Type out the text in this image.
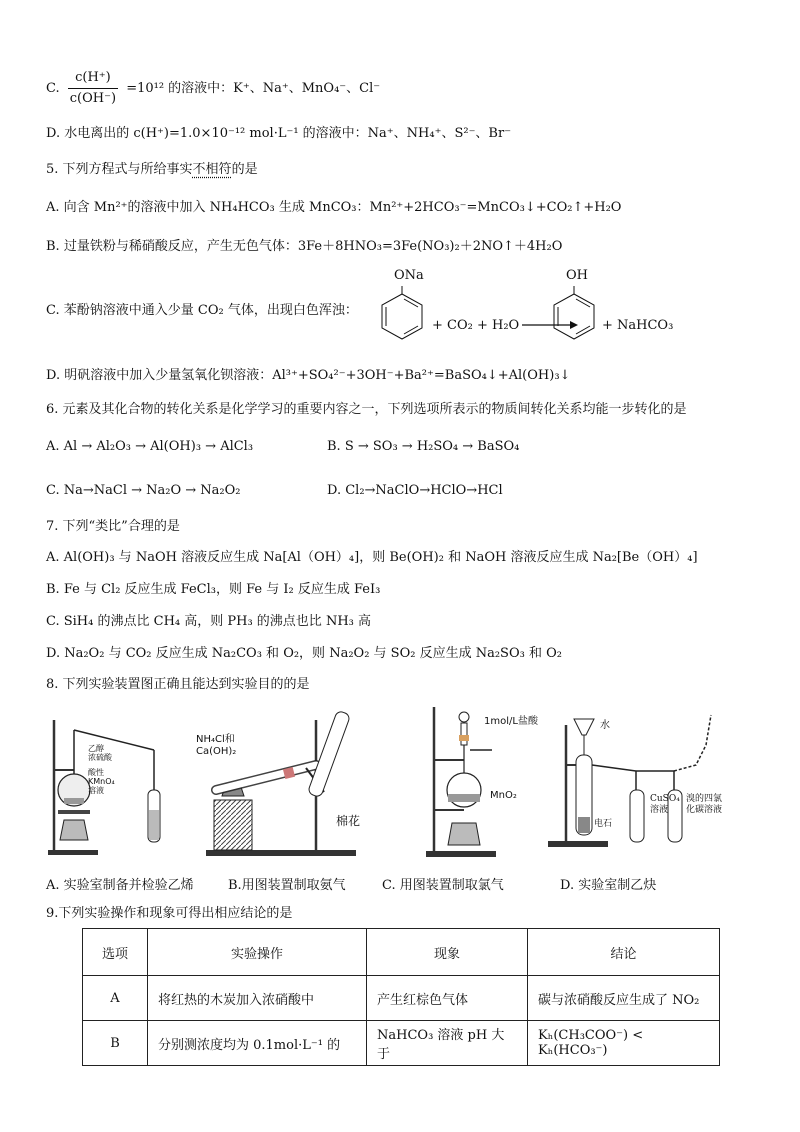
C. $\frac{c(H^+)}{c(OH^-)} =10^{12}$ 的溶液中：K⁺、Na⁺、MnO₄⁻、Cl⁻
D. 水电离出的 c(H⁺)=1.0×10⁻¹² mol·L⁻¹ 的溶液中：Na⁺、NH₄⁺、S²⁻、Br⁻
5. 下列方程式与所给事实不相符的是
A. 向含 Mn²⁺的溶液中加入 NH₄HCO₃ 生成 MnCO₃：Mn²⁺+2HCO₃⁻=MnCO₃↓+CO₂↑+H₂O
B. 过量铁粉与稀硝酸反应，产生无色气体：3Fe＋8HNO₃=3Fe(NO₃)₂＋2NO↑＋4H₂O
C. 苯酚钠溶液中通入少量 CO₂ 气体，出现白色浑浊：
ONa
+ CO₂ + H₂O →
OH
+ NaHCO₃
D. 明矾溶液中加入少量氢氧化钡溶液：Al³⁺+SO₄²⁻+3OH⁻+Ba²⁺=BaSO₄↓+Al(OH)₃↓
6. 元素及其化合物的转化关系是化学学习的重要内容之一，下列选项所表示的物质间转化关系均能一步转化的是
A. Al → Al₂O₃ → Al(OH)₃ → AlCl₃	B. S → SO₃ → H₂SO₄ → BaSO₄
C. Na→NaCl → Na₂O → Na₂O₂	D. Cl₂→NaClO→HClO→HCl
7. 下列“类比”合理的是
A. Al(OH)₃ 与 NaOH 溶液反应生成 Na[Al（OH）₄]，则 Be(OH)₂ 和 NaOH 溶液反应生成 Na₂[Be（OH）₄]
B. Fe 与 Cl₂ 反应生成 FeCl₃，则 Fe 与 I₂ 反应生成 FeI₃
C. SiH₄ 的沸点比 CH₄ 高，则 PH₃ 的沸点也比 NH₃ 高
D. Na₂O₂ 与 CO₂ 反应生成 Na₂CO₃ 和 O₂，则 Na₂O₂ 与 SO₂ 反应生成 Na₂SO₃ 和 O₂
8. 下列实验装置图正确且能达到实验目的的是
乙醇
浓硫酸
酸性
KMnO₄
溶液
NH₄Cl和
Ca(OH)₂
棉花
1mol/L盐酸
MnO₂
水
电石
CuSO₄
溶液
溴的四氯
化碳溶液
A. 实验室制备并检验乙烯	B.用图装置制取氨气	C. 用图装置制取氯气	D. 实验室制乙炔
9.下列实验操作和现象可得出相应结论的是
选项	实验操作	现象	结论
A	将红热的木炭加入浓硝酸中	产生红棕色气体	碳与浓硝酸反应生成了 NO₂
B	分别测浓度均为 0.1mol·L⁻¹ 的	NaHCO₃ 溶液 pH 大于	Kₕ(CH₃COO⁻) < Kₕ(HCO₃⁻)
